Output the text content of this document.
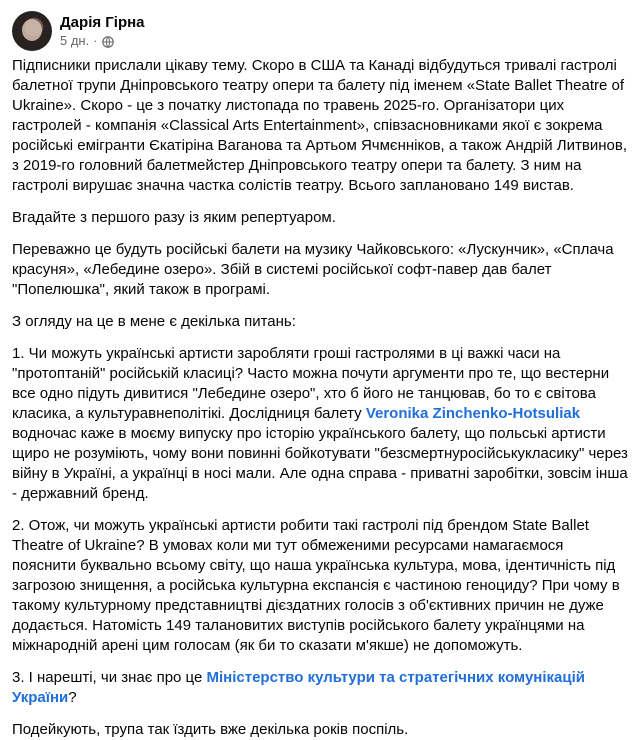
Дарія Гірна
5 дн. ·

Підписники прислали цікаву тему. Скоро в США та Канаді відбудуться тривалі гастролі балетної трупи Дніпровського театру опери та балету під іменем «State Ballet Theatre of Ukraine». Скоро - це з початку листопада по травень 2025-го. Організатори цих гастролей - компанія «Classical Arts Entertainment», співзасновниками якої є зокрема російські емігранти Єкатіріна Ваганова та Артьом Ячмєнніков, а також Андрій Литвинов, з 2019-го головний балетмейстер Дніпровського театру опери та балету. З ним на гастролі вирушає значна частка солістів театру. Всього заплановано 149 вистав.

Вгадайте з першого разу із яким репертуаром.

Переважно це будуть російські балети на музику Чайковського: «Лускунчик», «Сплача красуня», «Лебедине озеро». Збій в системі російської софт-павер дав балет "Попелюшка", який також в програмі.

З огляду на це в мене є декілька питань:

1. Чи можуть українські артисти заробляти гроші гастролями в ці важкі часи на "протоптаній" російській класиці? Часто можна почути аргументи про те, що вестерни все одно підуть дивитися "Лебедине озеро", хто б його не танцював, бо то є світова класика, а культуравнеполітікі. Дослідниця балету Veronika Zinchenko-Hotsuliak водночас каже в моєму випуску про історію українського балету, що польські артисти щиро не розуміють, чому вони повинні бойкотувати "безсмертнуросійськукласику" через війну в Україні, а українці в носі мали. Але одна справа - приватні заробітки, зовсім інша - державний бренд.

2. Отож, чи можуть українські артисти робити такі гастролі під брендом State Ballet Theatre of Ukraine? В умовах коли ми тут обмеженими ресурсами намагаємося пояснити буквально всьому світу, що наша українська культура, мова, ідентичність під загрозою знищення, а російська культурна експансія є частиною геноциду? При чому в такому культурному представництві дієздатних голосів з об'єктивних причин не дуже додається. Натомість 149 талановитих виступів російського балету українцями на міжнародній арені цим голосам (як би то сказати м'якше) не допоможуть.

3. І нарешті, чи знає про це Міністерство культури та стратегічних комунікацій України?

Подейкують, трупа так їздить вже декілька років поспіль.
